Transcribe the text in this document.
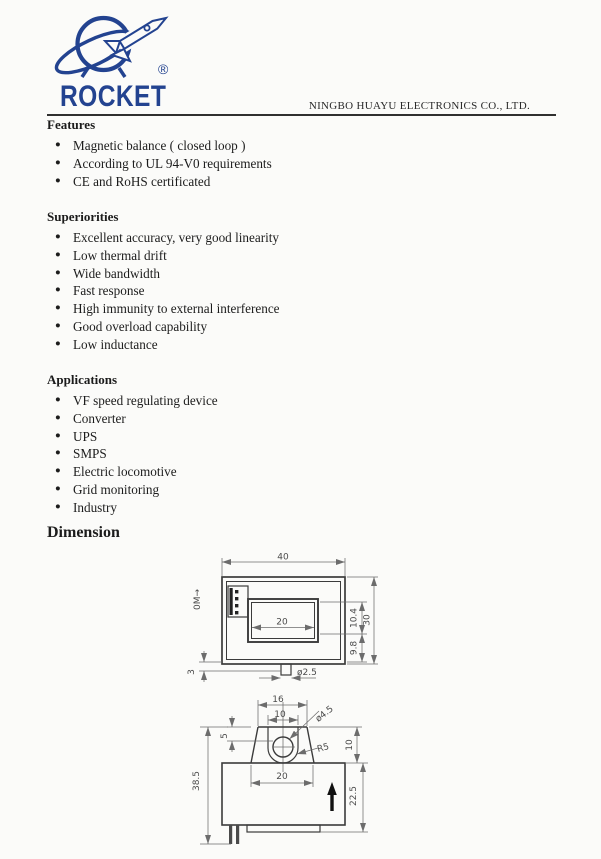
ROCKET
®
NINGBO HUAYU ELECTRONICS CO., LTD.
Features
● Magnetic balance ( closed loop )
● According to UL 94-V0 requirements
● CE and RoHS certificated
Superiorities
● Excellent accuracy, very good linearity
● Low thermal drift
● Wide bandwidth
● Fast response
● High immunity to external interference
● Good overload capability
● Low inductance
Applications
● VF speed regulating device
● Converter
● UPS
● SMPS
● Electric locomotive
● Grid monitoring
● Industry
Dimension
40
20	10.4
9.8
30
3	ø2.5
0M→
16
10	ø4.5
R5
5
10
20
38.5
22.5
